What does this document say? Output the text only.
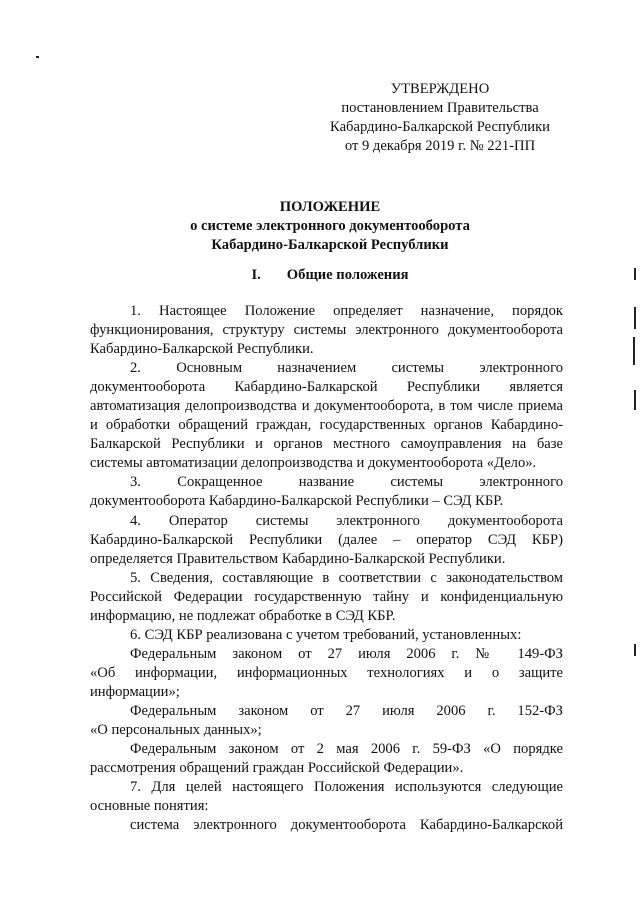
УТВЕРЖДЕНО
постановлением Правительства
Кабардино-Балкарской Республики
от 9 декабря 2019 г. № 221-ПП
ПОЛОЖЕНИЕ
о системе электронного документооборота
Кабардино-Балкарской Республики
I. Общие положения

1. Настоящее Положение определяет назначение, порядок

функционирования, структуру системы электронного документооборота Кабардино-Балкарской Республики.

2. Основным назначением системы электронного

документооборота Кабардино-Балкарской Республики является автоматизация делопроизводства и документооборота, в том числе приема и обработки обращений граждан, государственных органов Кабардино-Балкарской Республики и органов местного самоуправления на базе системы автоматизации делопроизводства и документооборота «Дело».

3. Сокращенное название системы электронного

документооборота Кабардино-Балкарской Республики – СЭД КБР.

4. Оператор системы электронного документооборота

Кабардино-Балкарской Республики (далее – оператор СЭД КБР) определяется Правительством Кабардино-Балкарской Республики.

5. Сведения, составляющие в соответствии с законодательством Российской Федерации государственную тайну и конфиденциальную информацию, не подлежат обработке в СЭД КБР.

6. СЭД КБР реализована с учетом требований, установленных:

Федеральным законом от 27 июля 2006 г. № 149-ФЗ

«Об информации, информационных технологиях и о защите

информации»;

Федеральным законом от 27 июля 2006 г. 152-ФЗ

«О персональных данных»;

Федеральным законом от 2 мая 2006 г. 59-ФЗ «О порядке рассмотрения обращений граждан Российской Федерации».

7. Для целей настоящего Положения используются следующие основные понятия:

система электронного документооборота Кабардино-Балкарской
